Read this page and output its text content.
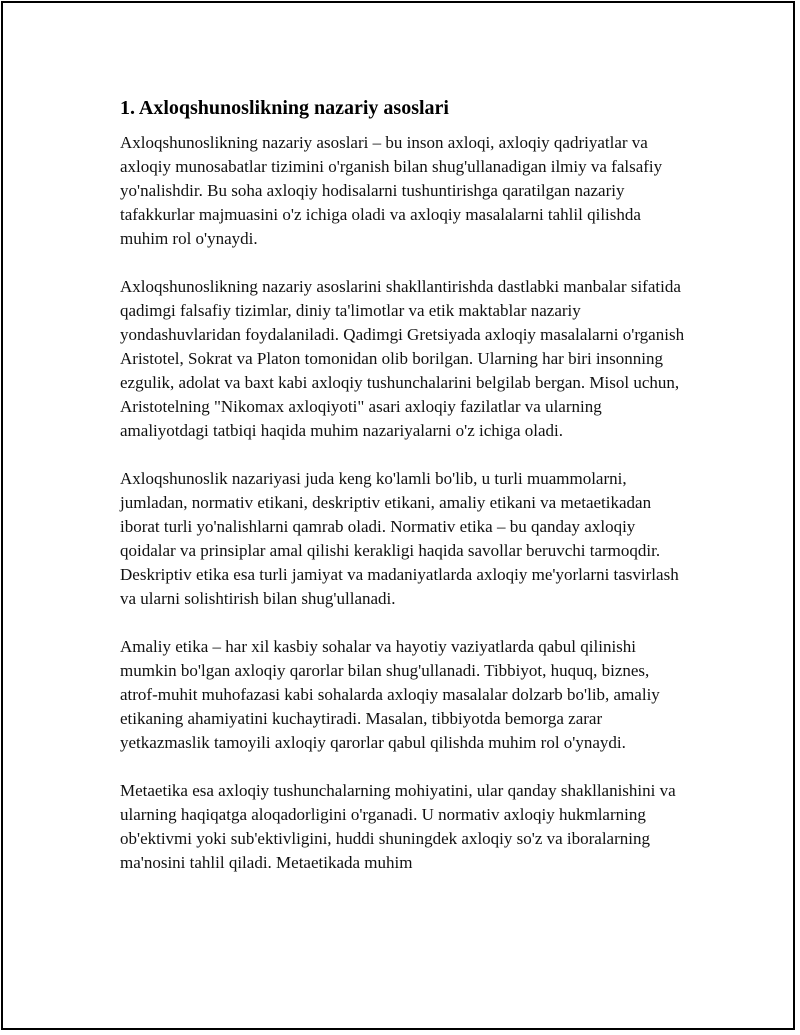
1. Axloqshunoslikning nazariy asoslari

Axloqshunoslikning nazariy asoslari – bu inson axloqi, axloqiy qadriyatlar va axloqiy munosabatlar tizimini o'rganish bilan shug'ullanadigan ilmiy va falsafiy yo'nalishdir. Bu soha axloqiy hodisalarni tushuntirishga qaratilgan nazariy tafakkurlar majmuasini o'z ichiga oladi va axloqiy masalalarni tahlil qilishda muhim rol o'ynaydi.

Axloqshunoslikning nazariy asoslarini shakllantirishda dastlabki manbalar sifatida qadimgi falsafiy tizimlar, diniy ta'limotlar va etik maktablar nazariy yondashuvlaridan foydalaniladi. Qadimgi Gretsiyada axloqiy masalalarni o'rganish Aristotel, Sokrat va Platon tomonidan olib borilgan. Ularning har biri insonning ezgulik, adolat va baxt kabi axloqiy tushunchalarini belgilab bergan. Misol uchun, Aristotelning "Nikomax axloqiyoti" asari axloqiy fazilatlar va ularning amaliyotdagi tatbiqi haqida muhim nazariyalarni o'z ichiga oladi.

Axloqshunoslik nazariyasi juda keng ko'lamli bo'lib, u turli muammolarni, jumladan, normativ etikani, deskriptiv etikani, amaliy etikani va metaetikadan iborat turli yo'nalishlarni qamrab oladi. Normativ etika – bu qanday axloqiy qoidalar va prinsiplar amal qilishi kerakligi haqida savollar beruvchi tarmoqdir. Deskriptiv etika esa turli jamiyat va madaniyatlarda axloqiy me'yorlarni tasvirlash va ularni solishtirish bilan shug'ullanadi.

Amaliy etika – har xil kasbiy sohalar va hayotiy vaziyatlarda qabul qilinishi mumkin bo'lgan axloqiy qarorlar bilan shug'ullanadi. Tibbiyot, huquq, biznes, atrof-muhit muhofazasi kabi sohalarda axloqiy masalalar dolzarb bo'lib, amaliy etikaning ahamiyatini kuchaytiradi. Masalan, tibbiyotda bemorga zarar yetkazmaslik tamoyili axloqiy qarorlar qabul qilishda muhim rol o'ynaydi.

Metaetika esa axloqiy tushunchalarning mohiyatini, ular qanday shakllanishini va ularning haqiqatga aloqadorligini o'rganadi. U normativ axloqiy hukmlarning ob'ektivmi yoki sub'ektivligini, huddi shuningdek axloqiy so'z va iboralarning ma'nosini tahlil qiladi. Metaetikada muhim
